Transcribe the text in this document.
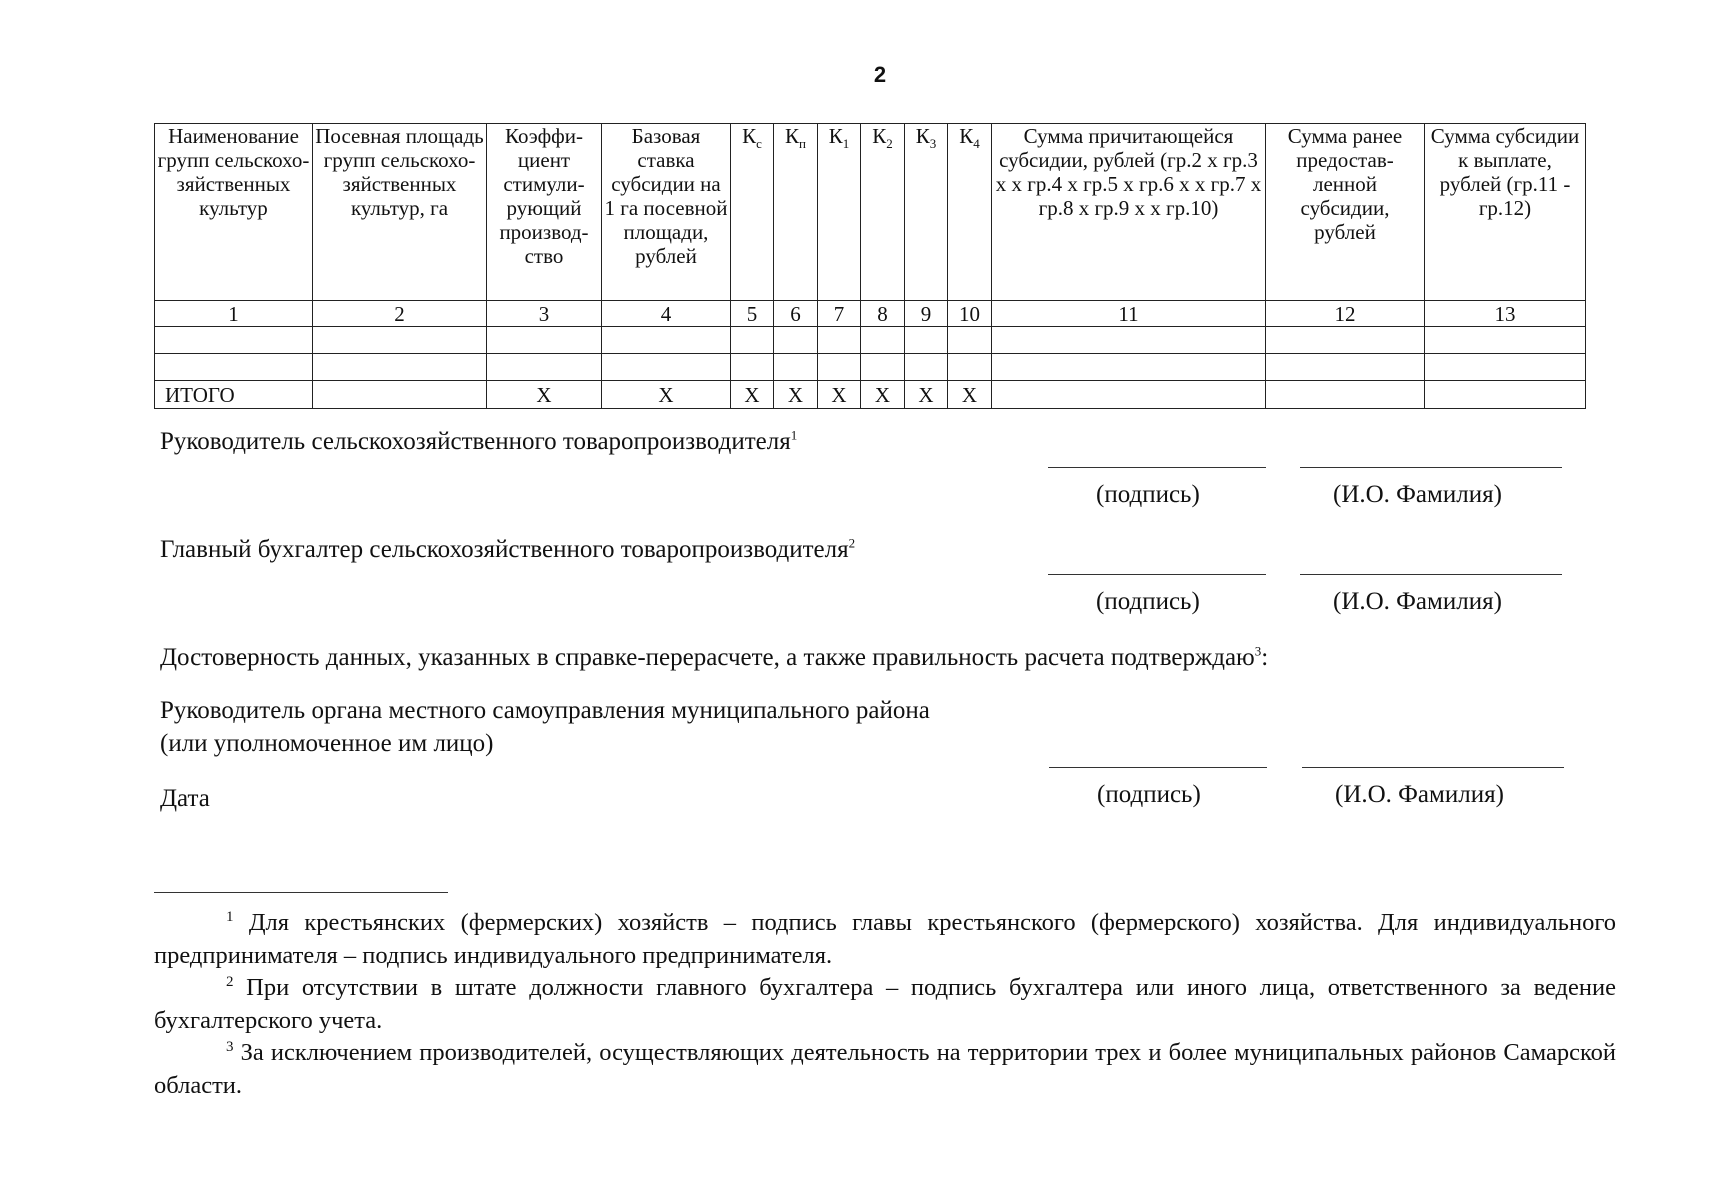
2
Наименование групп сельскохо-зяйственных культур	Посевная площадь групп сельскохо-зяйственных культур, га	Коэффи-циент стимули-рующий производ-ство	Базовая ставка субсидии на 1 га посевной площади, рублей	$К_с$	$К_п$	$К_1$	$К_2$	$К_3$	$К_4$	Сумма причитающейся субсидии, рублей (гр.2 х гр.3 х х гр.4 х гр.5 х гр.6 х х гр.7 х гр.8 х гр.9 х х гр.10)	Сумма ранее предостав-ленной субсидии, рублей	Сумма субсидии к выплате, рублей (гр.11 - гр.12)
1	2	3	4	5	6	7	8	9	10	11	12	13

ИТОГО		Х	Х	Х	Х	Х	Х	Х	Х			
Руководитель сельскохозяйственного товаропроизводителя$^1$
(подпись)	(И.О. Фамилия)
Главный бухгалтер сельскохозяйственного товаропроизводителя$^2$
(подпись)	(И.О. Фамилия)
Достоверность данных, указанных в справке-перерасчете, а также правильность расчета подтверждаю$^3$:
Руководитель органа местного самоуправления муниципального района
(или уполномоченное им лицо)
Дата	(подпись)	(И.О. Фамилия)
$^1$ Для крестьянских (фермерских) хозяйств – подпись главы крестьянского (фермерского) хозяйства. Для индивидуального предпринимателя – подпись индивидуального предпринимателя.
$^2$ При отсутствии в штате должности главного бухгалтера – подпись бухгалтера или иного лица, ответственного за ведение бухгалтерского учета.
$^3$ За исключением производителей, осуществляющих деятельность на территории трех и более муниципальных районов Самарской области.
